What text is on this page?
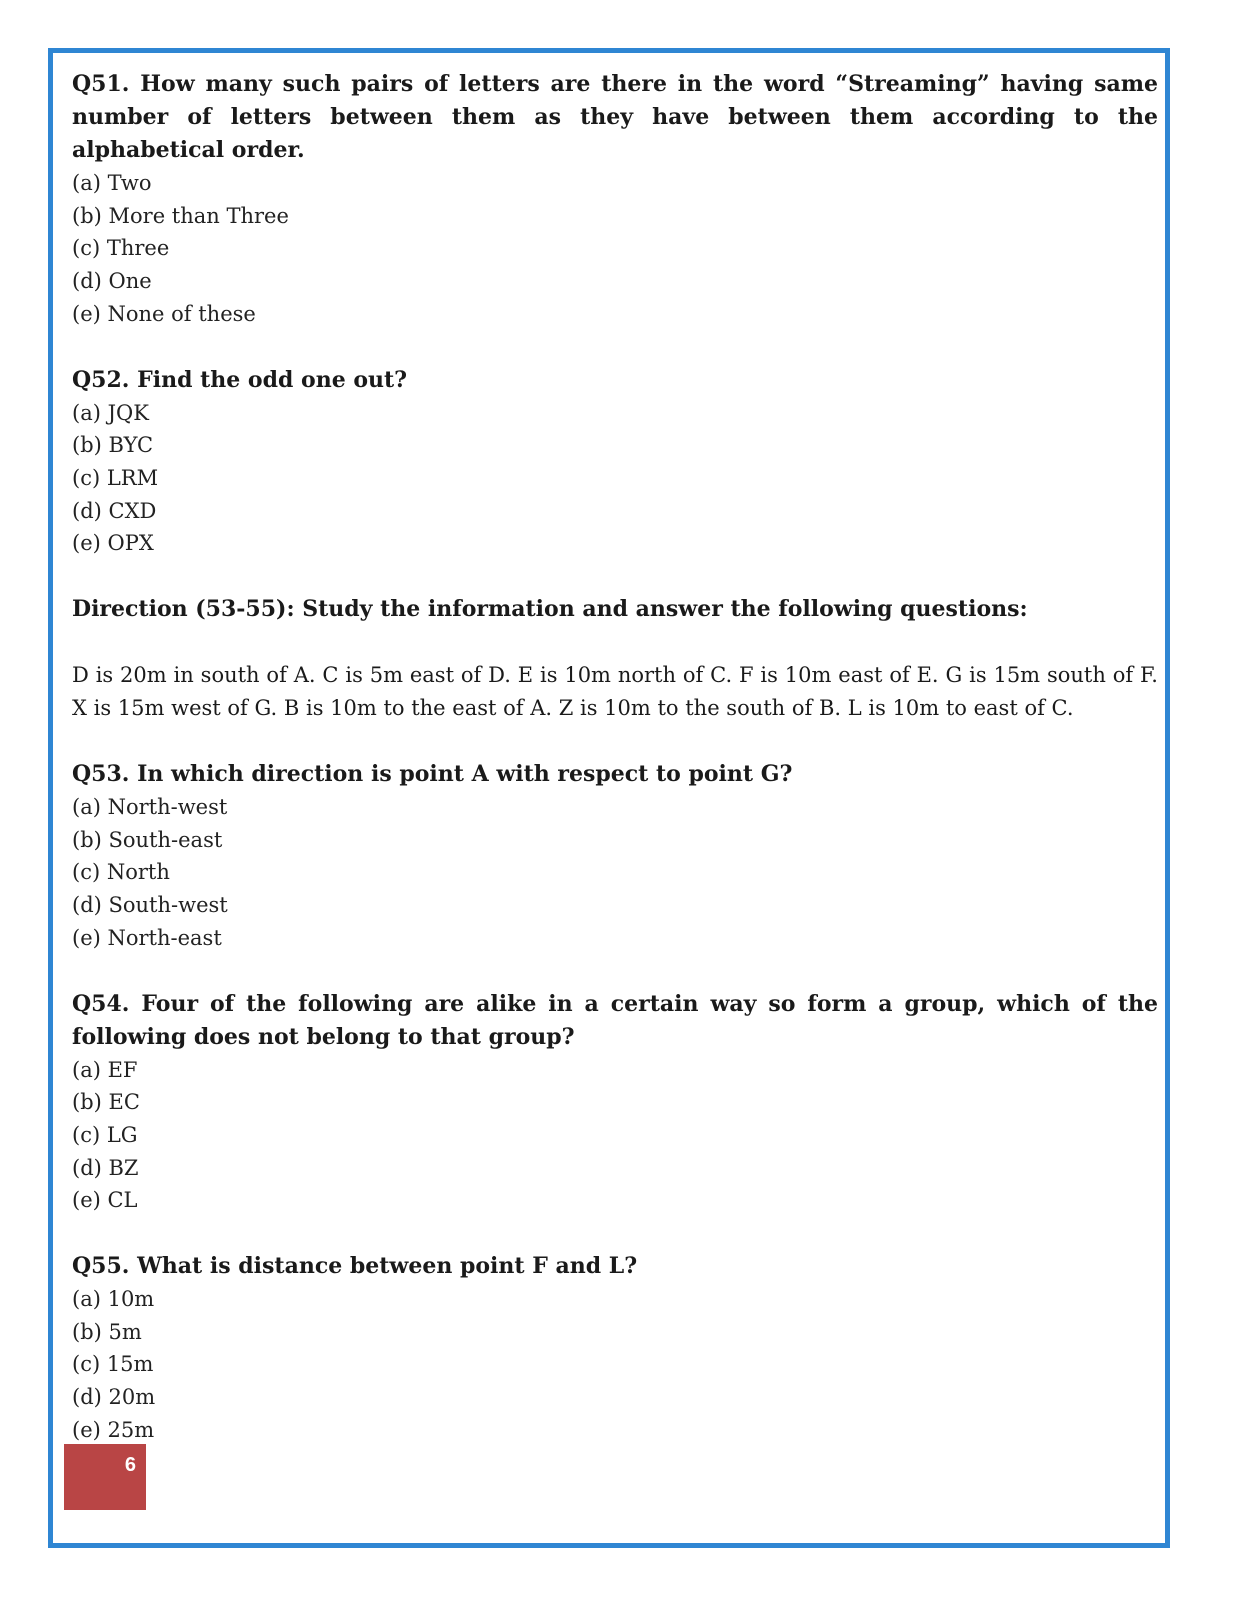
Q51. How many such pairs of letters are there in the word “Streaming” having same number of letters between them as they have between them according to the alphabetical order.

(a) Two

(b) More than Three

(c) Three

(d) One

(e) None of these

Q52. Find the odd one out?

(a) JQK

(b) BYC

(c) LRM

(d) CXD

(e) OPX

Direction (53-55): Study the information and answer the following questions:

D is 20m in south of A. C is 5m east of D. E is 10m north of C. F is 10m east of E. G is 15m south of F. X is 15m west of G. B is 10m to the east of A. Z is 10m to the south of B. L is 10m to east of C.

Q53. In which direction is point A with respect to point G?

(a) North-west

(b) South-east

(c) North

(d) South-west

(e) North-east

Q54. Four of the following are alike in a certain way so form a group, which of the following does not belong to that group?

(a) EF

(b) EC

(c) LG

(d) BZ

(e) CL

Q55. What is distance between point F and L?

(a) 10m

(b) 5m

(c) 15m

(d) 20m

(e) 25m

6
